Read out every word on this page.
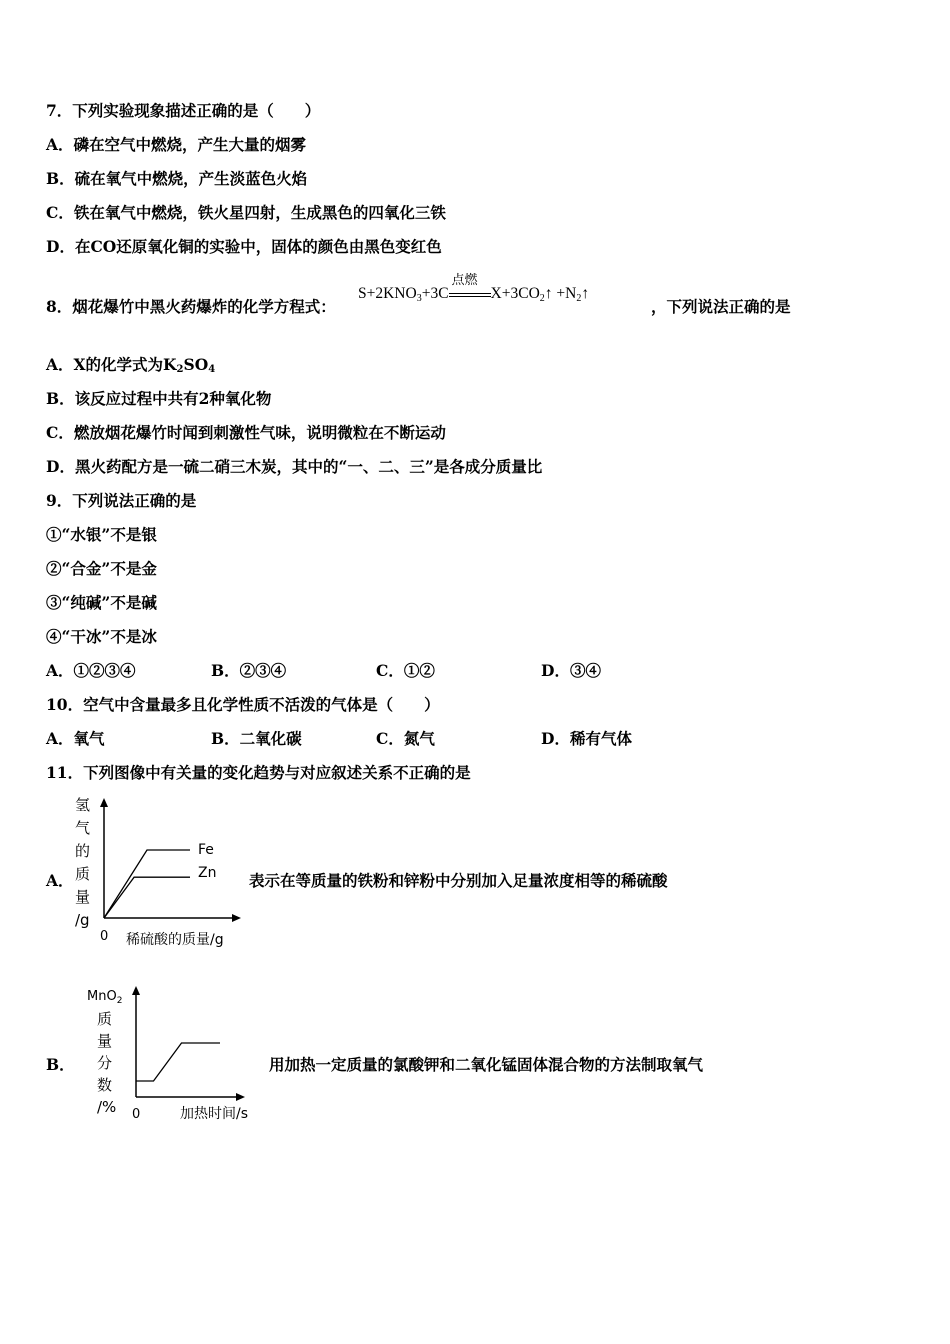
7．下列实验现象描述正确的是（　　）
A．磷在空气中燃烧，产生大量的烟雾
B．硫在氧气中燃烧，产生淡蓝色火焰
C．铁在氧气中燃烧，铁火星四射，生成黑色的四氧化三铁
D．在CO还原氧化铜的实验中，固体的颜色由黑色变红色
8．烟花爆竹中黑火药爆炸的化学方程式：
$S+2KNO_3+3C$
点燃
$X+3CO_2↑$ $+N_2↑$
，下列说法正确的是
A．X的化学式为K2SO4
B．该反应过程中共有2种氧化物
C．燃放烟花爆竹时闻到刺激性气味，说明微粒在不断运动
D．黑火药配方是一硫二硝三木炭，其中的“一、二、三”是各成分质量比
9．下列说法正确的是
①“水银”不是银
②“合金”不是金
③“纯碱”不是碱
④“干冰”不是冰
A．①②③④	B．②③④	C．①②	D．③④
10．空气中含量最多且化学性质不活泼的气体是（　　）
A．氧气	B．二氧化碳	C．氮气	D．稀有气体
11．下列图像中有关量的变化趋势与对应叙述关系不正确的是
A．
氢
气
的
质
量
/g
Fe
Zn
0 稀硫酸的质量/g
表示在等质量的铁粉和锌粉中分别加入足量浓度相等的稀硫酸
B．
MnO$_2$
质
量
分
数
/% 0	加热时间/s
用加热一定质量的氯酸钾和二氧化锰固体混合物的方法制取氧气
